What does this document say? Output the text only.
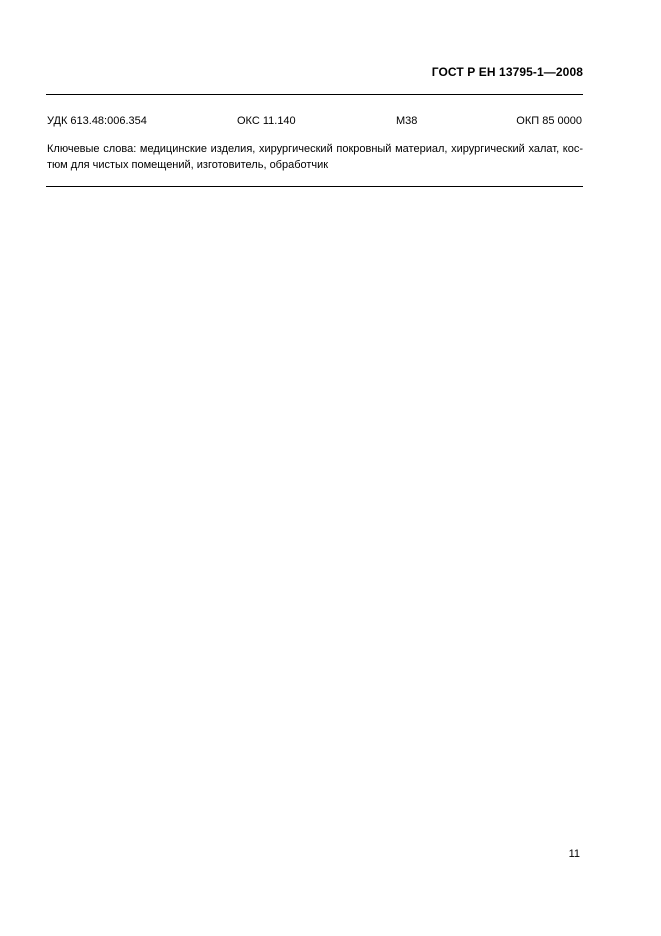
ГОСТ Р ЕН 13795-1—2008
УДК 613.48:006.354	ОКС 11.140	М38	ОКП 85 0000
Ключевые слова: медицинские изделия, хирургический покровный материал, хирургический халат, кос-
тюм для чистых помещений, изготовитель, обработчик
11
